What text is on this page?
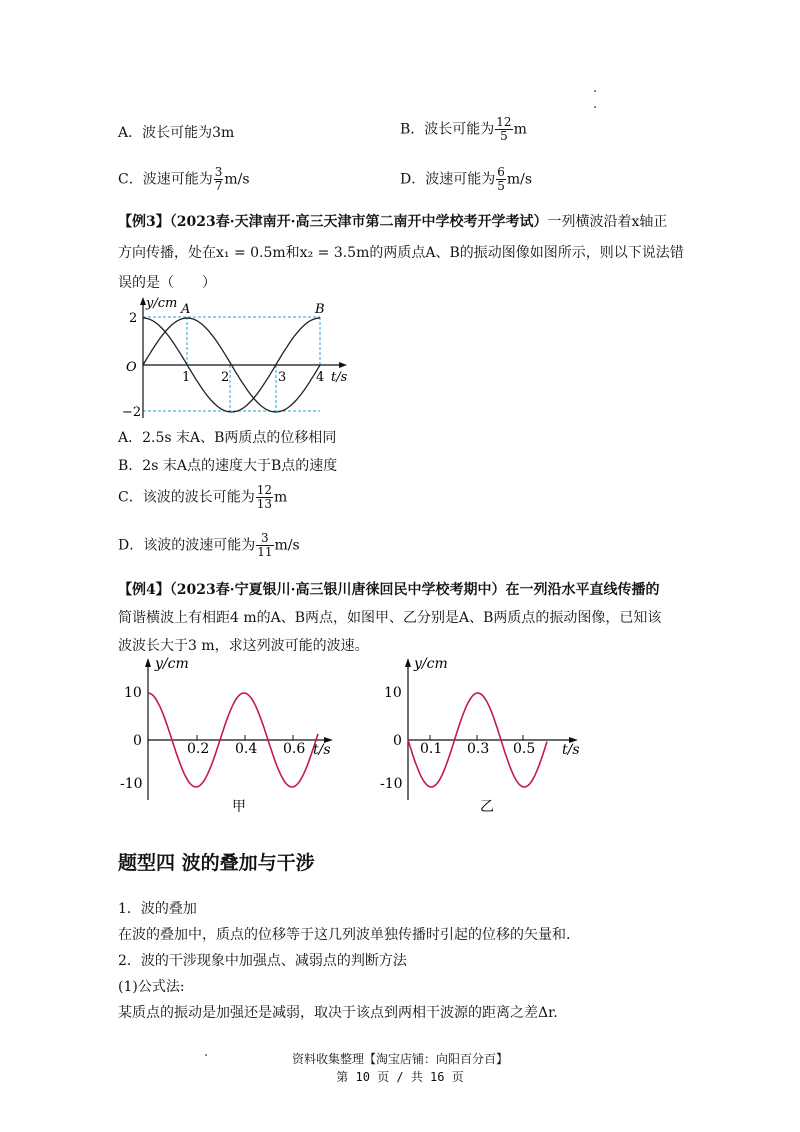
A．波长可能为3m	B．波长可能为 $\frac{12}{5}$ m
C．波速可能为 $\frac{3}{7} m/s$	D．波速可能为 $\frac{6}{5} m/s$
【例3】（2023春·天津南开·高三天津市第二南开中学校考开学考试）一列横波沿着x轴正
方向传播，处在x₁ = 0.5m和x₂ = 3.5m的两质点A、B的振动图像如图所示，则以下说法错
误的是（　　）
y/cm
t/s
O
A	B
2
−2
1 2	3 4
A．2.5s 末A、B两质点的位移相同
B．2s 末A点的速度大于B点的速度
C．该波的波长可能为 $\frac{12}{13}$ m
D．该波的波速可能为 $\frac{3}{11} m/s$
【例4】（2023春·宁夏银川·高三银川唐徕回民中学校考期中）在一列沿水平直线传播的
简谐横波上有相距4 m的A、B两点，如图甲、乙分别是A、B两质点的振动图像，已知该
波波长大于3 m，求这列波可能的波速。
y/cm
t/s
10
0
-10
0.2 0.4 0.6
甲
y/cm
t/s
10
0
-10
0.1 0.3 0.5
乙
题型四 波的叠加与干涉
1．波的叠加
在波的叠加中，质点的位移等于这几列波单独传播时引起的位移的矢量和.
2．波的干涉现象中加强点、减弱点的判断方法
(1)公式法:
某质点的振动是加强还是减弱，取决于该点到两相干波源的距离之差Δr.
资料收集整理【淘宝店铺：向阳百分百】
第 10 页 / 共 16 页
